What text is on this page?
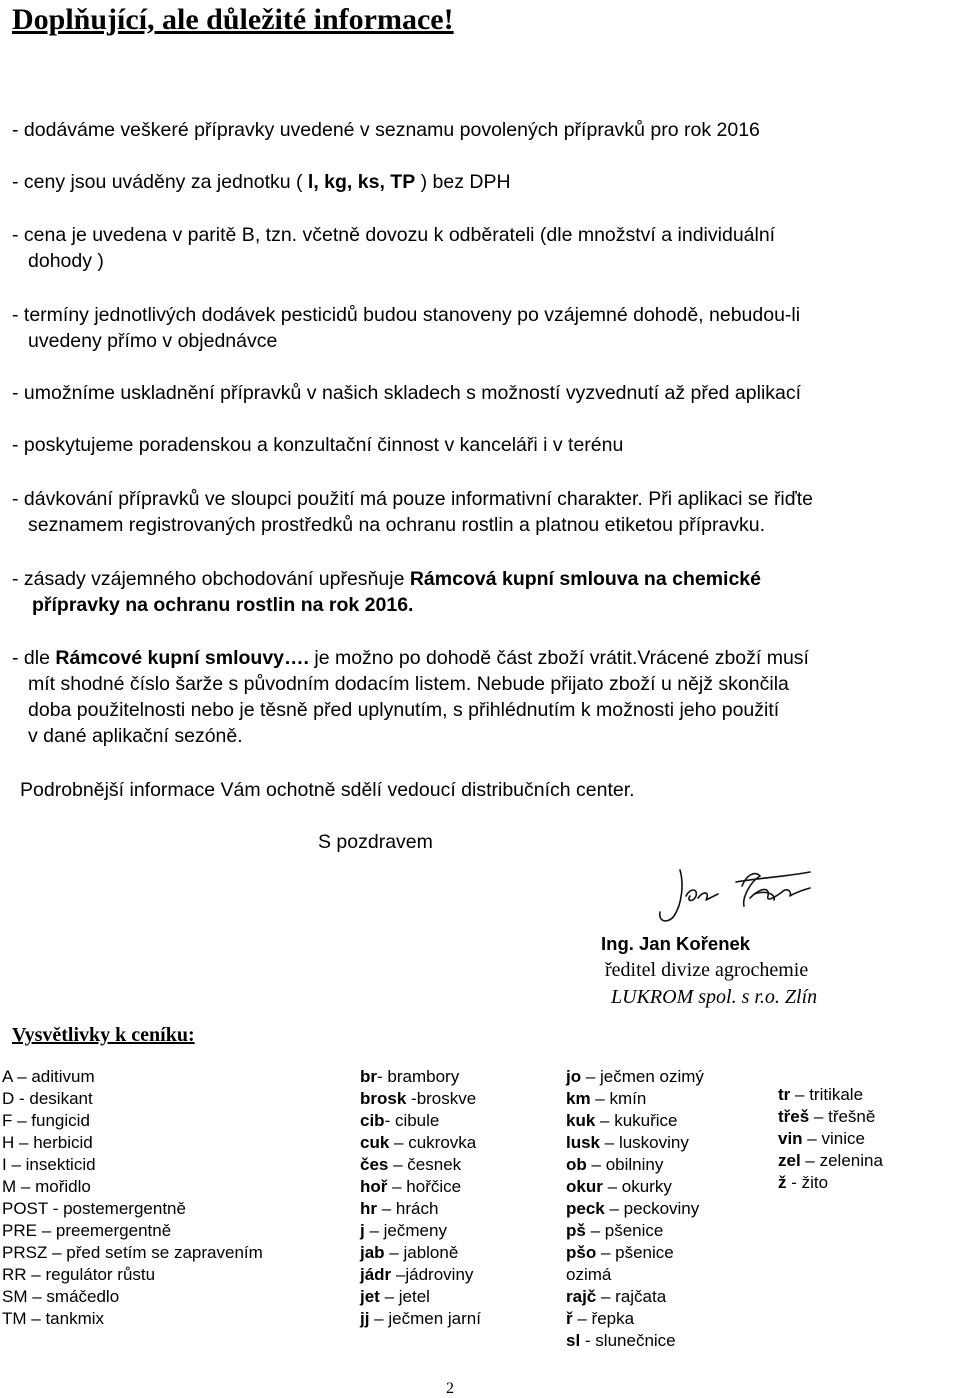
Doplňující, ale důležité informace!
- dodáváme veškeré přípravky uvedené v seznamu povolených přípravků pro rok 2016
- ceny jsou uváděny za jednotku ( l, kg, ks, TP ) bez DPH
- cena je uvedena v paritě B, tzn. včetně dovozu k odběrateli (dle množství a individuální
dohody )
- termíny jednotlivých dodávek pesticidů budou stanoveny po vzájemné dohodě, nebudou-li
uvedeny přímo v objednávce
- umožníme uskladnění přípravků v našich skladech s možností vyzvednutí až před aplikací
- poskytujeme poradenskou a konzultační činnost v kanceláři i v terénu
- dávkování přípravků ve sloupci použití má pouze informativní charakter. Při aplikaci se řiďte
seznamem registrovaných prostředků na ochranu rostlin a platnou etiketou přípravku.
- zásady vzájemného obchodování upřesňuje Rámcová kupní smlouva na chemické
přípravky na ochranu rostlin na rok 2016.
- dle Rámcové kupní smlouvy…. je možno po dohodě část zboží vrátit.Vrácené zboží musí
mít shodné číslo šarže s původním dodacím listem. Nebude přijato zboží u nějž skončila
doba použitelnosti nebo je těsně před uplynutím, s přihlédnutím k možnosti jeho použití
v dané aplikační sezóně.
Podrobnější informace Vám ochotně sdělí vedoucí distribučních center.
S pozdravem
Ing. Jan Kořenek
ředitel divize agrochemie
LUKROM spol. s r.o. Zlín
Vysvětlivky k ceníku:
A – aditivum
D - desikant
F – fungicid
H – herbicid
I – insekticid
M – mořidlo
POST - postemergentně
PRE – preemergentně
PRSZ – před setím se zapravením
RR – regulátor růstu
SM – smáčedlo
TM – tankmix
br- brambory
brosk -broskve
cib- cibule
cuk – cukrovka
čes – česnek
hoř – hořčice
hr – hrách
j – ječmeny
jab – jabloně
jádr –jádroviny
jet – jetel
jj – ječmen jarní
jo – ječmen ozimý
km – kmín
kuk – kukuřice
lusk – luskoviny
ob – obilniny
okur – okurky
peck – peckoviny
pš – pšenice
pšo – pšenice
ozimá
rajč – rajčata
ř – řepka
sl - slunečnice
tr – tritikale
třeš – třešně
vin – vinice
zel – zelenina
ž - žito
2
